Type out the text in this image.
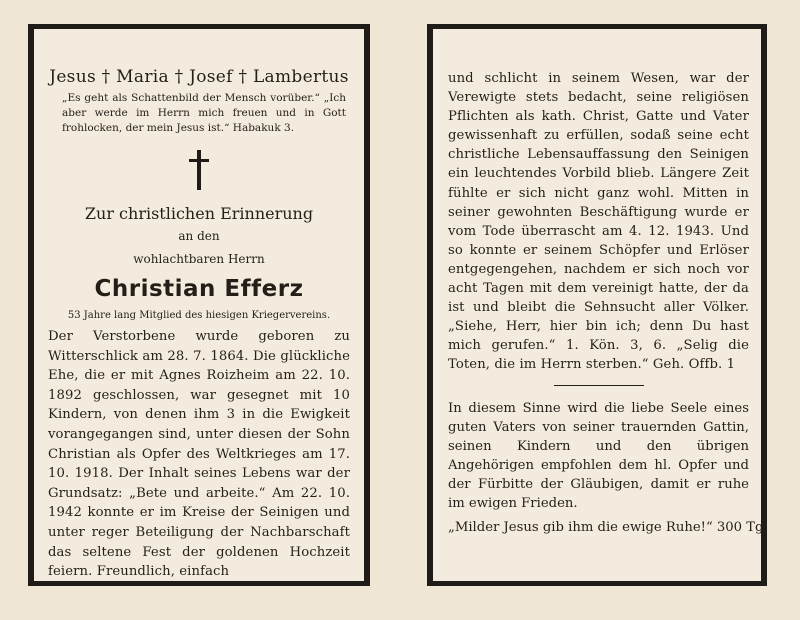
Jesus † Maria † Josef † Lambertus
„Es geht als Schattenbild der Mensch vorüber.“ „Ich aber werde im Herrn mich freuen und in Gott frohlocken, der mein Jesus ist.“ Habakuk 3.
Zur christlichen Erinnerung
an den
wohlachtbaren Herrn
Christian Efferz
53 Jahre lang Mitglied des hiesigen Kriegervereins.
Der Verstorbene wurde geboren zu Witterschlick am 28. 7. 1864. Die glückliche Ehe, die er mit Agnes Roizheim am 22. 10. 1892 geschlossen, war gesegnet mit 10 Kindern, von denen ihm 3 in die Ewigkeit vorangegangen sind, unter diesen der Sohn Christian als Opfer des Weltkrieges am 17. 10. 1918. Der Inhalt seines Lebens war der Grundsatz: „Bete und arbeite.“ Am 22. 10. 1942 konnte er im Kreise der Seinigen und unter reger Beteiligung der Nachbarschaft das seltene Fest der goldenen Hochzeit feiern. Freundlich, einfach
und schlicht in seinem Wesen, war der Verewigte stets bedacht, seine religiösen Pflichten als kath. Christ, Gatte und Vater gewissenhaft zu erfüllen, sodaß seine echt christliche Lebensauffassung den Seinigen ein leuchtendes Vorbild blieb. Längere Zeit fühlte er sich nicht ganz wohl. Mitten in seiner gewohnten Beschäftigung wurde er vom Tode überrascht am 4. 12. 1943. Und so konnte er seinem Schöpfer und Erlöser entgegengehen, nachdem er sich noch vor acht Tagen mit dem vereinigt hatte, der da ist und bleibt die Sehnsucht aller Völker. „Siehe, Herr, hier bin ich; denn Du hast mich gerufen.“ 1. Kön. 3, 6. „Selig die Toten, die im Herrn sterben.“ Geh. Offb. 1
In diesem Sinne wird die liebe Seele eines guten Vaters von seiner trauernden Gattin, seinen Kindern und den übrigen Angehörigen empfohlen dem hl. Opfer und der Fürbitte der Gläubigen, damit er ruhe im ewigen Frieden.
„Milder Jesus gib ihm die ewige Ruhe!“ 300 Tg.
